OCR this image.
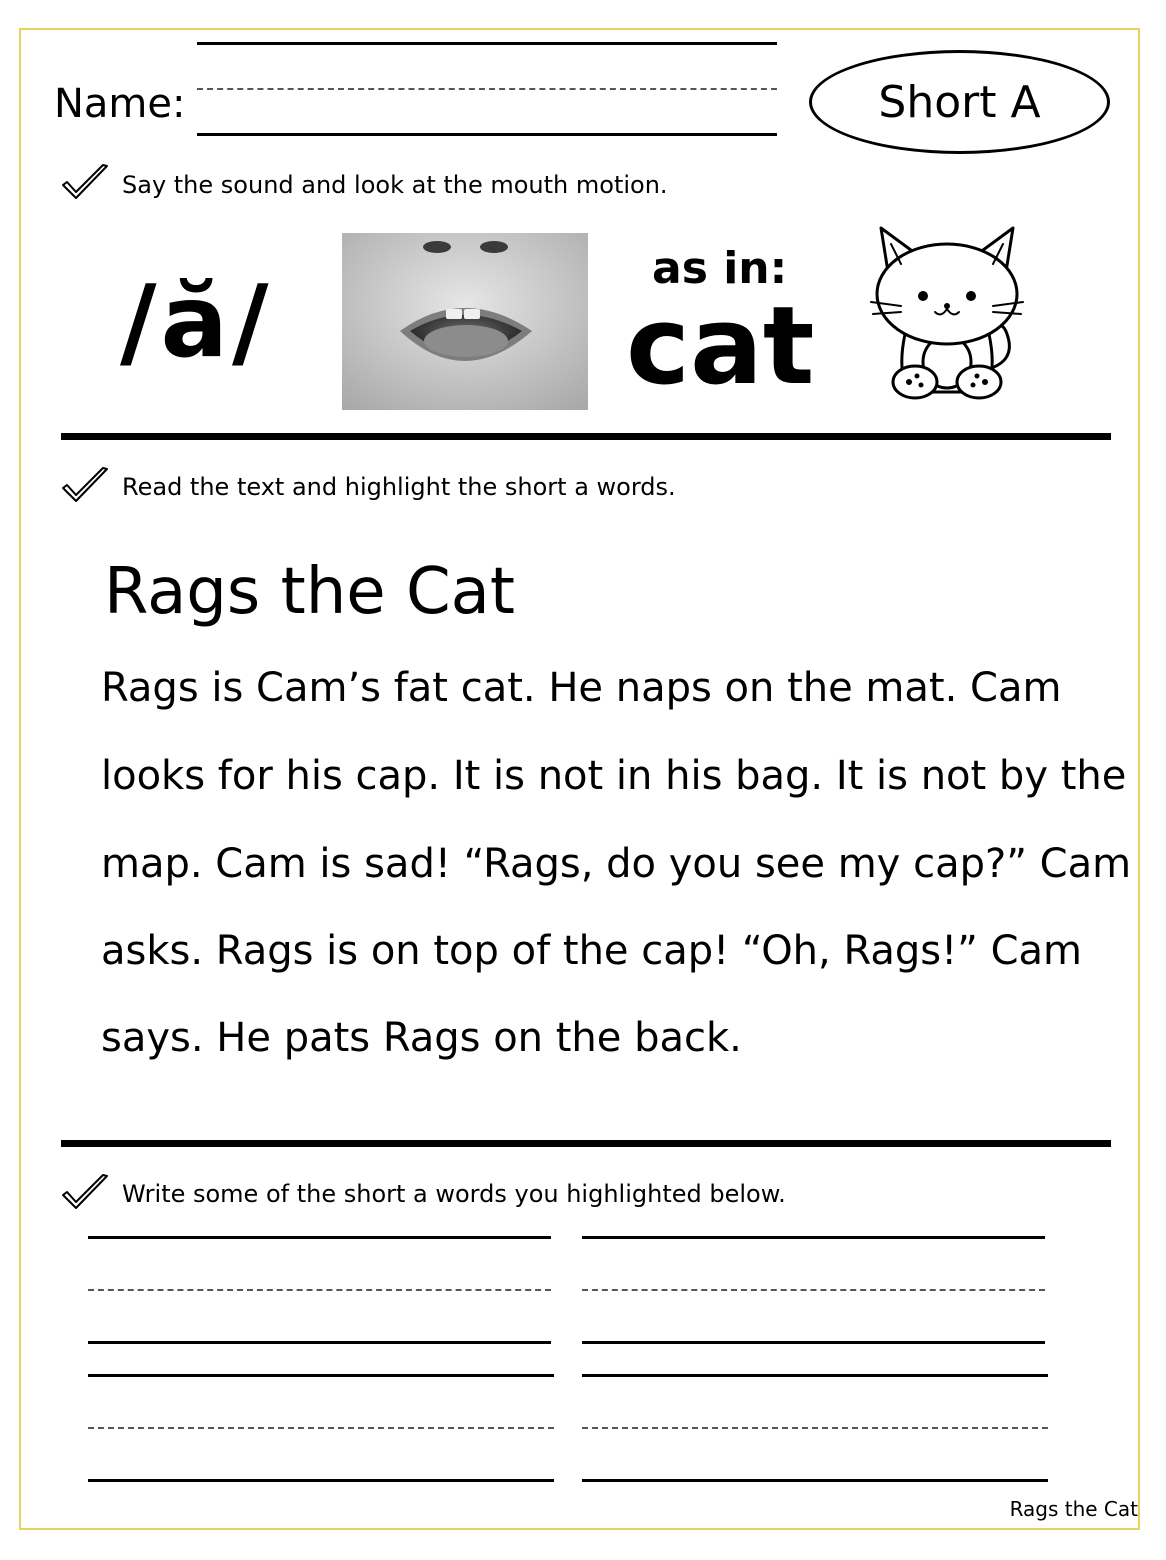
Name:	Short A
Say the sound and look at the mouth motion.
/ă/	as in:
cat
Read the text and highlight the short a words.
Rags the Cat
Rags is Cam’s fat cat. He naps on the mat. Cam
looks for his cap. It is not in his bag. It is not by the
map. Cam is sad! “Rags, do you see my cap?” Cam
asks. Rags is on top of the cap! “Oh, Rags!” Cam
says. He pats Rags on the back.
Write some of the short a words you highlighted below.
Rags the Cat
